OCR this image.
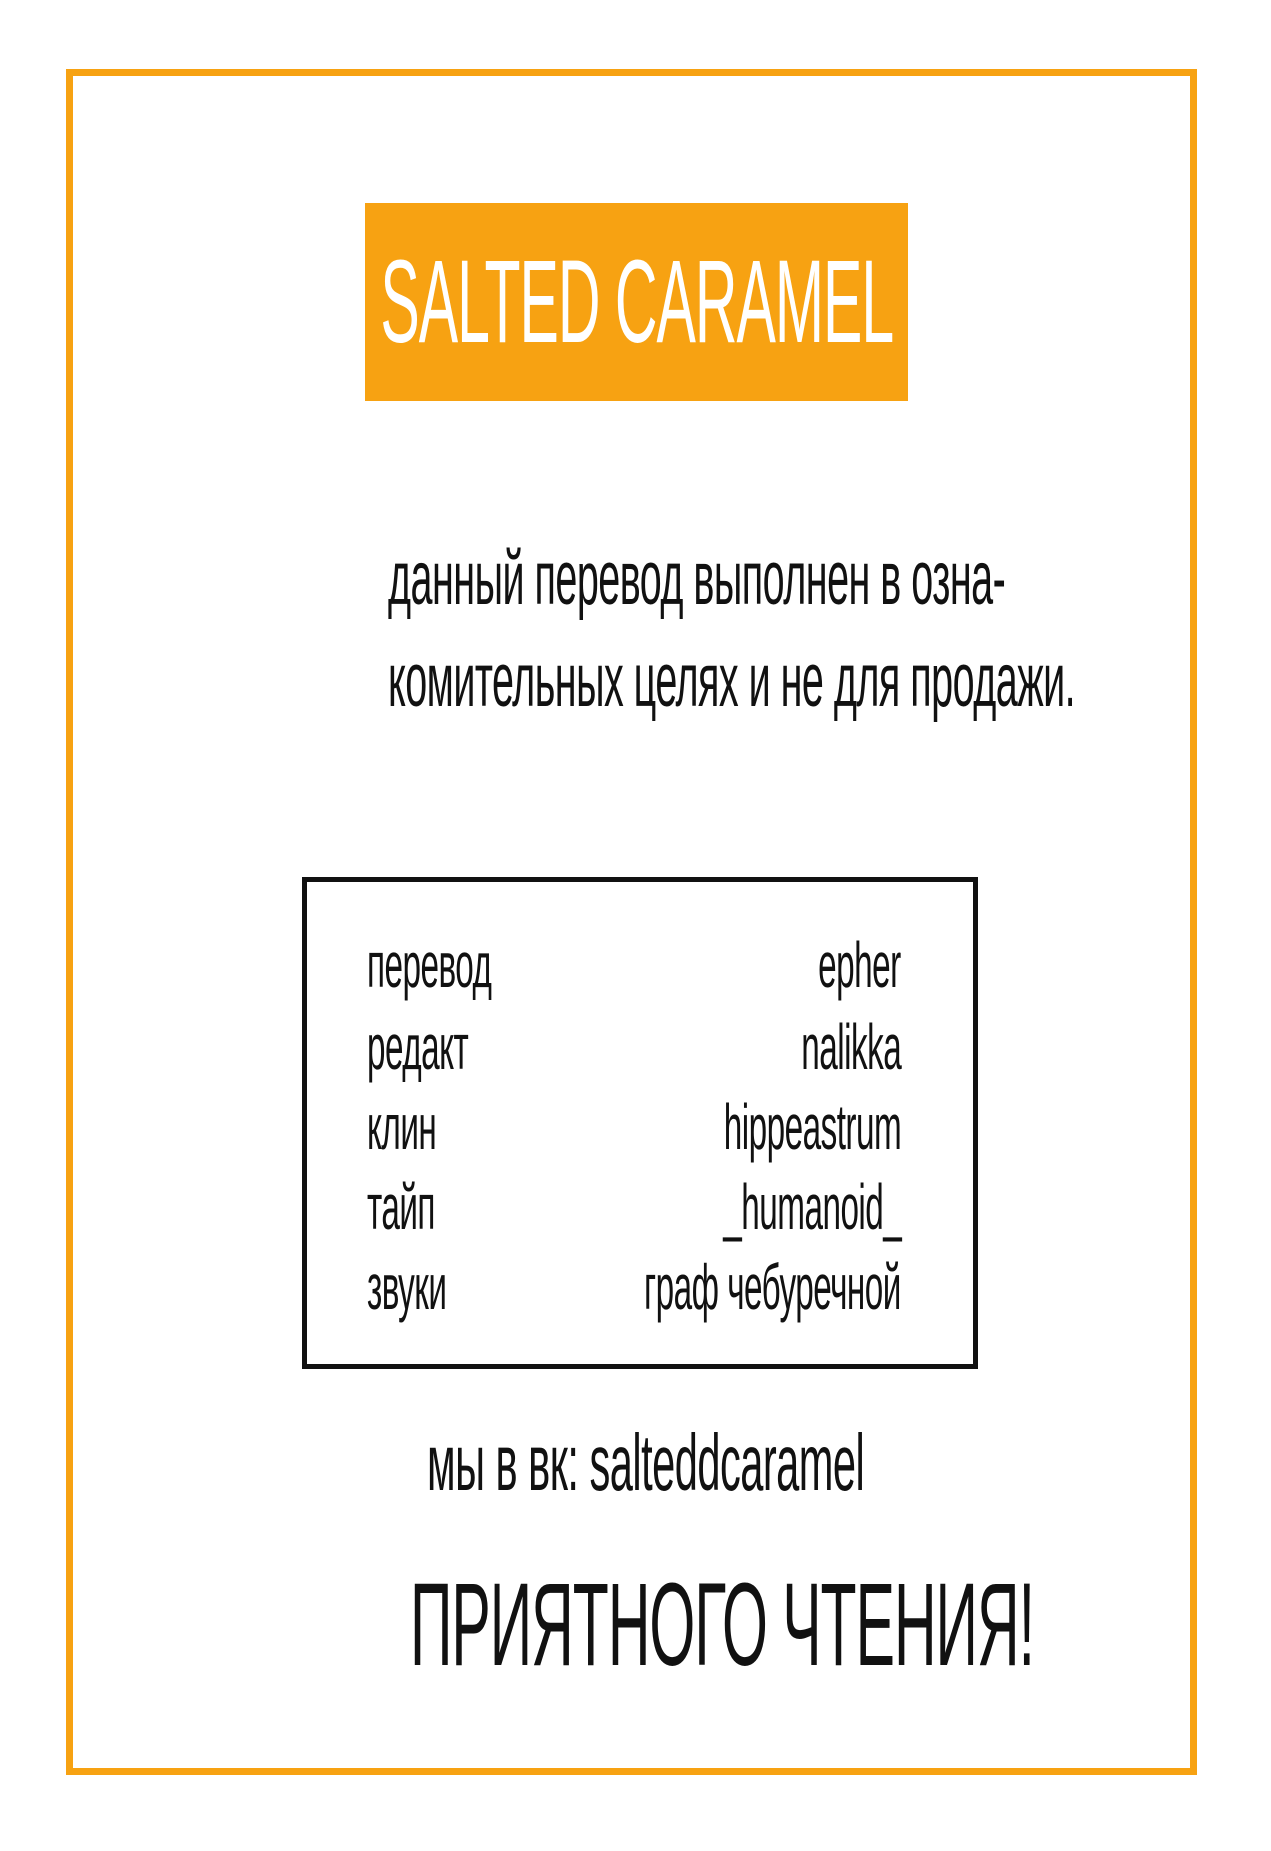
SALTED CARAMEL
данный перевод выполнен в озна-
комительных целях и не для продажи.
перевод	epher
редакт	nalikka
клин	hippeastrum
тайп	_humanoid_
звуки	граф чебуречной
мы в вк: salteddcaramel
ПРИЯТНОГО ЧТЕНИЯ!
